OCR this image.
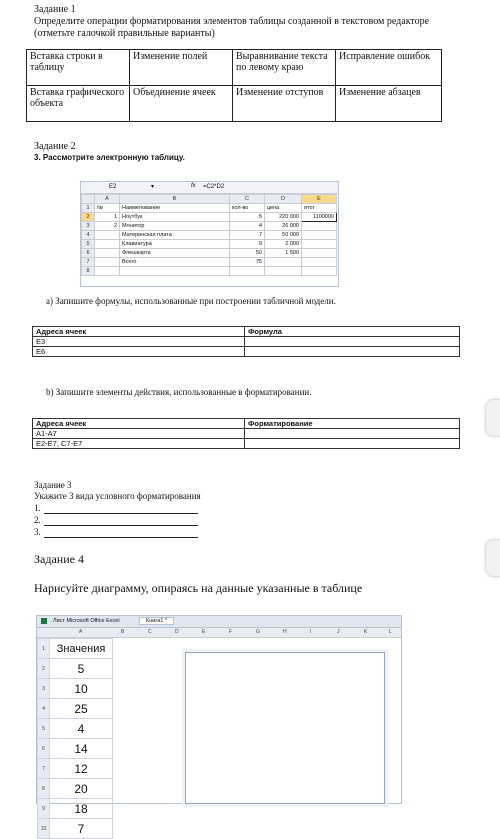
Задание 1
Определите операции форматирования элементов таблицы созданной в текстовом редакторе
(отметьте галочкой правильные варианты)
Вставка строки в таблицу	Изменение полей	Выравнивание текста по левому краю	Исправление ошибок
Вставка графического объекта	Объединение ячеек	Изменение отступов	Изменение абзацев
Задание 2
3. Рассмотрите электронную таблицу.
E2	▾	fx =C2*D2
	A	B	C	D	E
1	№	Наименование	кол-во	цена	итог
2	1	Ноутбук	5	220 000	1100000
3	2	Монитор	4	26 000	
4		Материнская плата	7	50 000	
5		Клавиатура	9	2 000	
6		Флешкарта	50	1 500	
7		Всего	75		
8					
a) Запишите формулы, использованные при построении табличной модели.
Адреса ячеек	Формула
E3	
E6	
b) Запишите элементы действия, использованные в форматировании.
Адреса ячеек	Форматирование
A1-A7	
E2-E7, C7-E7	
Задание 3
Укажите 3 вида условного форматирования
1.
2.
3.
Задание 4
Нарисуйте диаграмму, опираясь на данные указанные в таблице
Лист Microsoft Office Excel	Книга1 *
A	B	C	D	E	F	G	H	I	J	K	L
1	Значения
2	5
3	10
4	25
5	4
6	14
7	12
8	20
9	18
10	7
